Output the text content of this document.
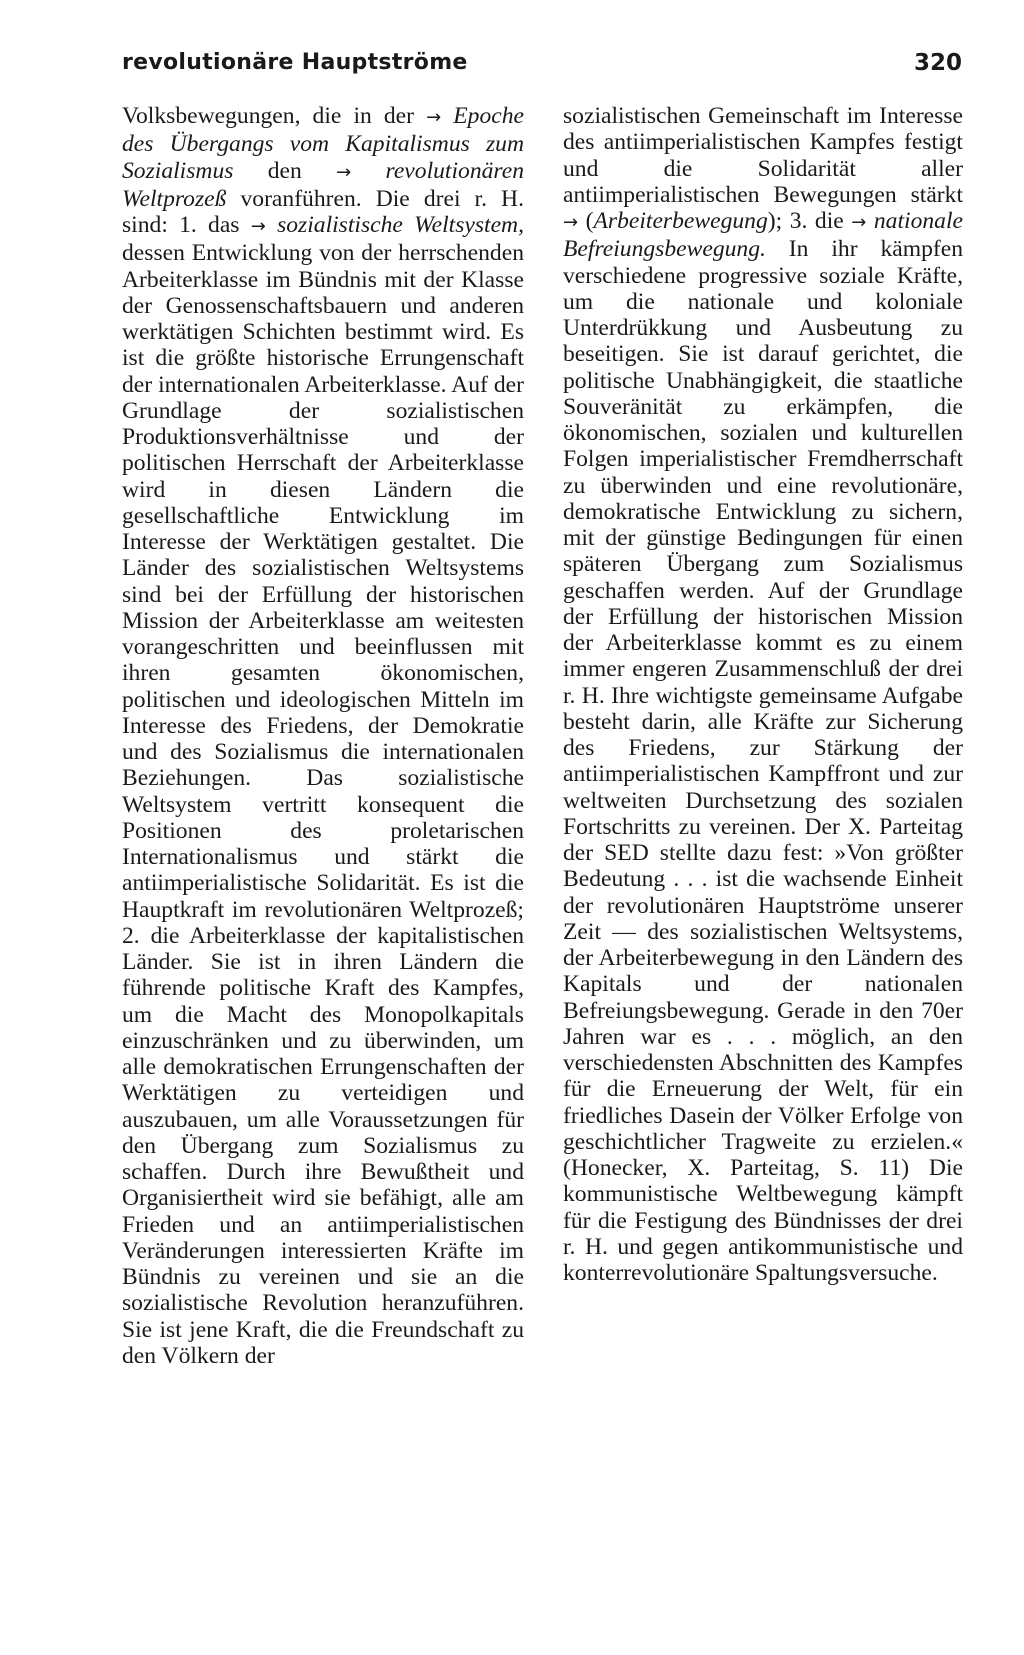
revolutionäre Hauptströme	320

Volksbewegungen, die in der → Epoche des Übergangs vom Kapitalismus zum Sozialismus den → revolutionären Weltprozeß voranführen. Die drei r. H. sind: 1. das → sozialistische Weltsystem, dessen Entwicklung von der herrschenden Arbeiterklasse im Bündnis mit der Klasse der Genossenschaftsbauern und anderen werktätigen Schichten bestimmt wird. Es ist die größte historische Errungenschaft der internationalen Arbeiterklasse. Auf der Grundlage der sozialistischen Produktionsverhältnisse und der politischen Herrschaft der Arbeiterklasse wird in diesen Ländern die gesellschaftliche Entwicklung im Interesse der Werktätigen gestaltet. Die Länder des sozialistischen Weltsystems sind bei der Erfüllung der historischen Mission der Arbeiterklasse am weitesten vorangeschritten und beeinflussen mit ihren gesamten ökonomischen, politischen und ideologischen Mitteln im Interesse des Friedens, der Demokratie und des Sozialismus die internationalen Beziehungen. Das sozialistische Weltsystem vertritt konsequent die Positionen des proletarischen Internationalismus und stärkt die antiimperialistische Solidarität. Es ist die Hauptkraft im revolutionären Weltprozeß; 2. die Arbeiterklasse der kapitalistischen Länder. Sie ist in ihren Ländern die führende politische Kraft des Kampfes, um die Macht des Monopolkapitals einzuschränken und zu überwinden, um alle demokratischen Errungenschaften der Werktätigen zu verteidigen und auszubauen, um alle Voraussetzungen für den Übergang zum Sozialismus zu schaffen. Durch ihre Bewußtheit und Organisiertheit wird sie befähigt, alle am Frieden und an antiimperialistischen Veränderungen interessierten Kräfte im Bündnis zu vereinen und sie an die sozialistische Revolution heranzuführen. Sie ist jene Kraft, die die Freundschaft zu den Völkern der

sozialistischen Gemeinschaft im Interesse des antiimperialistischen Kampfes festigt und die Solidarität aller antiimperialistischen Bewegungen stärkt → (Arbeiterbewegung); 3. die → nationale Befreiungsbewegung. In ihr kämpfen verschiedene progressive soziale Kräfte, um die nationale und koloniale Unterdrükkung und Ausbeutung zu beseitigen. Sie ist darauf gerichtet, die politische Unabhängigkeit, die staatliche Souveränität zu erkämpfen, die ökonomischen, sozialen und kulturellen Folgen imperialistischer Fremdherrschaft zu überwinden und eine revolutionäre, demokratische Entwicklung zu sichern, mit der günstige Bedingungen für einen späteren Übergang zum Sozialismus geschaffen werden. Auf der Grundlage der Erfüllung der historischen Mission der Arbeiterklasse kommt es zu einem immer engeren Zusammenschluß der drei r. H. Ihre wichtigste gemeinsame Aufgabe besteht darin, alle Kräfte zur Sicherung des Friedens, zur Stärkung der antiimperialistischen Kampffront und zur weltweiten Durchsetzung des sozialen Fortschritts zu vereinen. Der X. Parteitag der SED stellte dazu fest: »Von größter Bedeutung . . . ist die wachsende Einheit der revolutionären Hauptströme unserer Zeit — des sozialistischen Weltsystems, der Arbeiterbewegung in den Ländern des Kapitals und der nationalen Befreiungsbewegung. Gerade in den 70er Jahren war es . . . möglich, an den verschiedensten Abschnitten des Kampfes für die Erneuerung der Welt, für ein friedliches Dasein der Völker Erfolge von geschichtlicher Tragweite zu erzielen.« (Honecker, X. Parteitag, S. 11) Die kommunistische Weltbewegung kämpft für die Festigung des Bündnisses der drei r. H. und gegen antikommunistische und konterrevolutionäre Spaltungsversuche.
